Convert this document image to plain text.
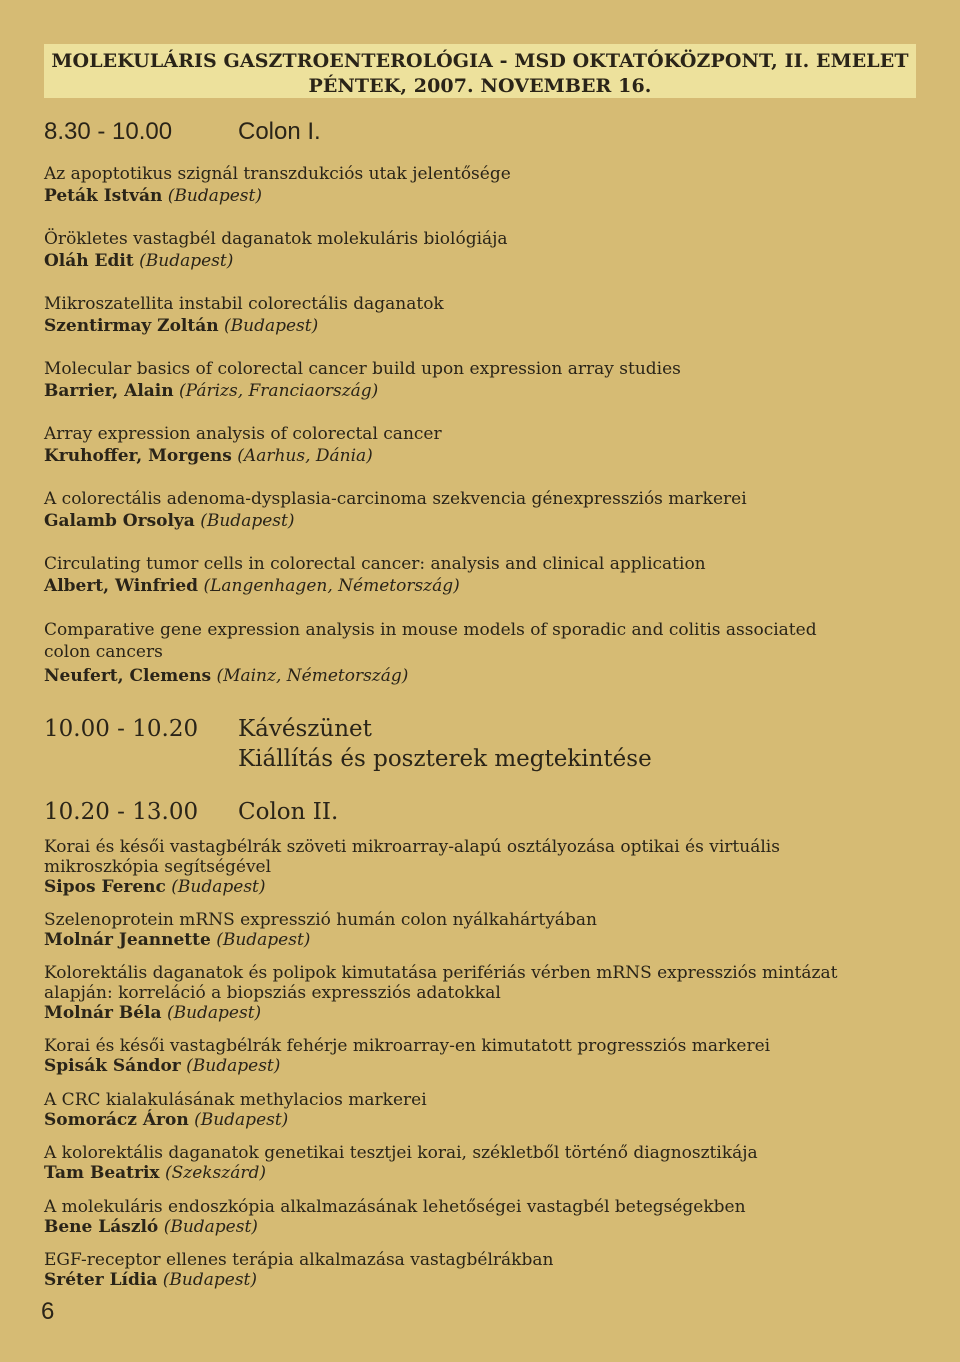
MOLEKULÁRIS GASZTROENTEROLÓGIA - MSD OKTATÓKÖZPONT, II. EMELET
PÉNTEK, 2007. NOVEMBER 16.
8.30 - 10.00	Colon I.
Az apoptotikus szignál transzdukciós utak jelentősége
Peták István (Budapest)
Örökletes vastagbél daganatok molekuláris biológiája
Oláh Edit (Budapest)
Mikroszatellita instabil colorectális daganatok
Szentirmay Zoltán (Budapest)
Molecular basics of colorectal cancer build upon expression array studies
Barrier, Alain (Párizs, Franciaország)
Array expression analysis of colorectal cancer
Kruhoffer, Morgens (Aarhus, Dánia)
A colorectális adenoma-dysplasia-carcinoma szekvencia génexpressziós markerei
Galamb Orsolya (Budapest)
Circulating tumor cells in colorectal cancer: analysis and clinical application
Albert, Winfried (Langenhagen, Németország)
Comparative gene expression analysis in mouse models of sporadic and colitis associated
colon cancers
Neufert, Clemens (Mainz, Németország)
10.00 - 10.20 Kávészünet
Kiállítás és poszterek megtekintése
10.20 - 13.00 Colon II.
Korai és késői vastagbélrák szöveti mikroarray-alapú osztályozása optikai és virtuális
mikroszkópia segítségével
Sipos Ferenc (Budapest)
Szelenoprotein mRNS expresszió humán colon nyálkahártyában
Molnár Jeannette (Budapest)
Kolorektális daganatok és polipok kimutatása perifériás vérben mRNS expressziós mintázat
alapján: korreláció a biopsziás expressziós adatokkal
Molnár Béla (Budapest)
Korai és késői vastagbélrák fehérje mikroarray-en kimutatott progressziós markerei
Spisák Sándor (Budapest)
A CRC kialakulásának methylacios markerei
Somorácz Áron (Budapest)
A kolorektális daganatok genetikai tesztjei korai, székletből történő diagnosztikája
Tam Beatrix (Szekszárd)
A molekuláris endoszkópia alkalmazásának lehetőségei vastagbél betegségekben
Bene László (Budapest)
EGF-receptor ellenes terápia alkalmazása vastagbélrákban
Sréter Lídia (Budapest)
6
